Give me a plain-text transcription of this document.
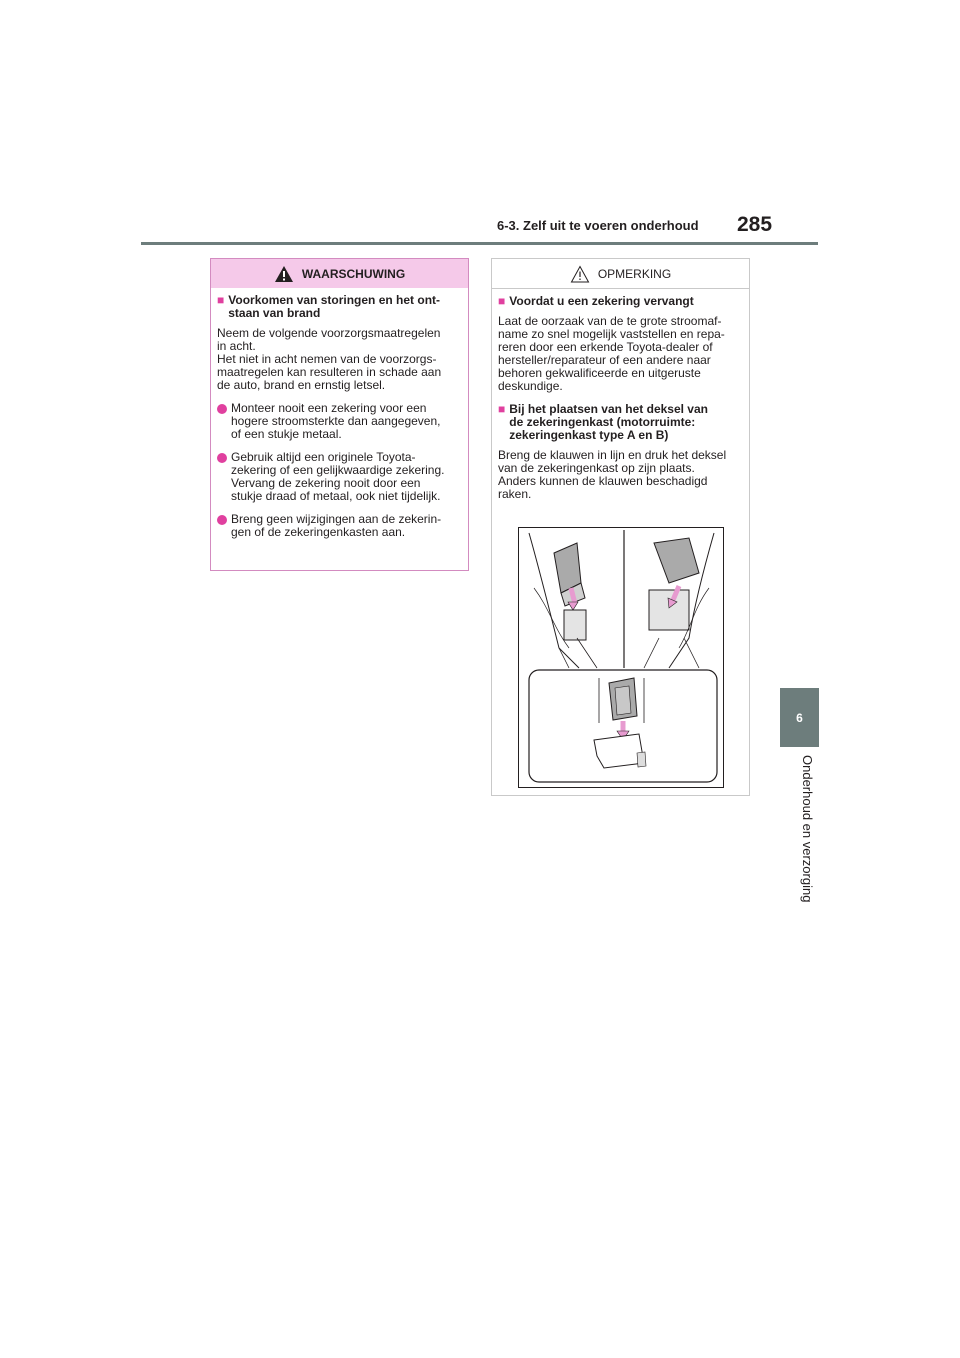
6-3. Zelf uit te voeren onderhoud 285
6
Onderhoud en verzorging
WAARSCHUWING
■ Voorkomen van storingen en het ont-
staan van brand
Neem de volgende voorzorgsmaatregelen
in acht.
Het niet in acht nemen van de voorzorgs-
maatregelen kan resulteren in schade aan
de auto, brand en ernstig letsel.
Monteer nooit een zekering voor een
hogere stroomsterkte dan aangegeven,
of een stukje metaal.
Gebruik altijd een originele Toyota-
zekering of een gelijkwaardige zekering.
Vervang de zekering nooit door een
stukje draad of metaal, ook niet tijdelijk.
Breng geen wijzigingen aan de zekerin-
gen of de zekeringenkasten aan.
OPMERKING
■ Voordat u een zekering vervangt
Laat de oorzaak van de te grote stroomaf-
name zo snel mogelijk vaststellen en repa-
reren door een erkende Toyota-dealer of
hersteller/reparateur of een andere naar
behoren gekwalificeerde en uitgeruste
deskundige.
■ Bij het plaatsen van het deksel van
de zekeringenkast (motorruimte:
zekeringenkast type A en B)
Breng de klauwen in lijn en druk het deksel
van de zekeringenkast op zijn plaats.
Anders kunnen de klauwen beschadigd
raken.
